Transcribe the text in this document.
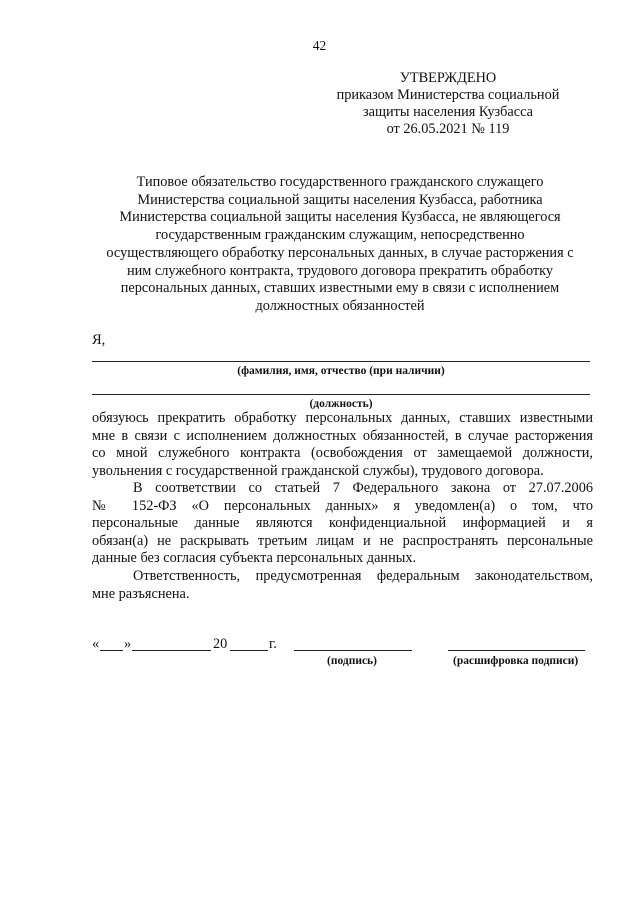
42
УТВЕРЖДЕНО
приказом Министерства социальной
защиты населения Кузбасса
от 26.05.2021 № 119
Типовое обязательство государственного гражданского служащего
Министерства социальной защиты населения Кузбасса, работника
Министерства социальной защиты населения Кузбасса, не являющегося
государственным гражданским служащим, непосредственно
осуществляющего обработку персональных данных, в случае расторжения с
ним служебного контракта, трудового договора прекратить обработку
персональных данных, ставших известными ему в связи с исполнением
должностных обязанностей
Я,
(фамилия, имя, отчество (при наличии)
(должность)
обязуюсь прекратить обработку персональных данных, ставших известными
мне в связи с исполнением должностных обязанностей, в случае расторжения
со мной служебного контракта (освобождения от замещаемой должности,
увольнения с государственной гражданской службы), трудового договора.
В соответствии со статьей 7 Федерального закона от 27.07.2006
№ 152-ФЗ «О персональных данных» я уведомлен(а) о том, что
персональные данные являются конфиденциальной информацией и я
обязан(а) не раскрывать третьим лицам и не распространять персональные
данные без согласия субъекта персональных данных.
Ответственность, предусмотренная федеральным законодательством,
мне разъяснена.
« »	20	г.
(подпись)	(расшифровка подписи)
